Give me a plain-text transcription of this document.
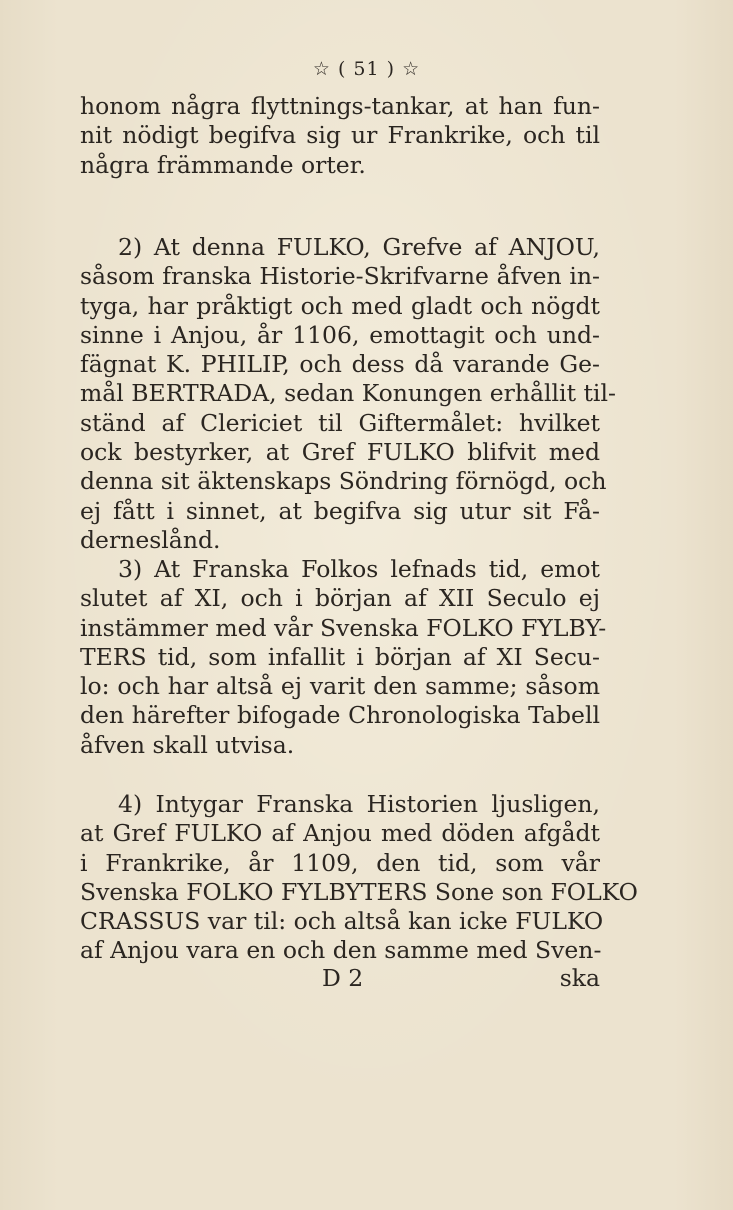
☆ ( 51 ) ☆
honom några flyttnings-tankar, at han fun-
nit nödigt begifva sig ur Frankrike, och til
några främmande orter.
2) At denna FULKO, Grefve af ANJOU,
såsom franska Historie-Skrifvarne åfven in-
tyga, har pråktigt och med gladt och nögdt
sinne i Anjou, år 1106, emottagit och und-
fägnat K. PHILIP, och dess då varande Ge-
mål BERTRADA, sedan Konungen erhållit til-
ständ af Clericiet til Giftermålet: hvilket
ock bestyrker, at Gref FULKO blifvit med
denna sit äktenskaps Söndring förnögd, och
ej fått i sinnet, at begifva sig utur sit Få-
derneslånd.
3) At Franska Folkos lefnads tid, emot
slutet af XI, och i början af XII Seculo ej
instämmer med vår Svenska FOLKO FYLBY-
TERS tid, som infallit i början af XI Secu-
lo: och har altså ej varit den samme; såsom
den härefter bifogade Chronologiska Tabell
åfven skall utvisa.
4) Intygar Franska Historien ljusligen,
at Gref FULKO af Anjou med döden afgådt
i Frankrike, år 1109, den tid, som vår
Svenska FOLKO FYLBYTERS Sone son FOLKO
CRASSUS var til: och altså kan icke FULKO
af Anjou vara en och den samme med Sven-
D 2	ska
